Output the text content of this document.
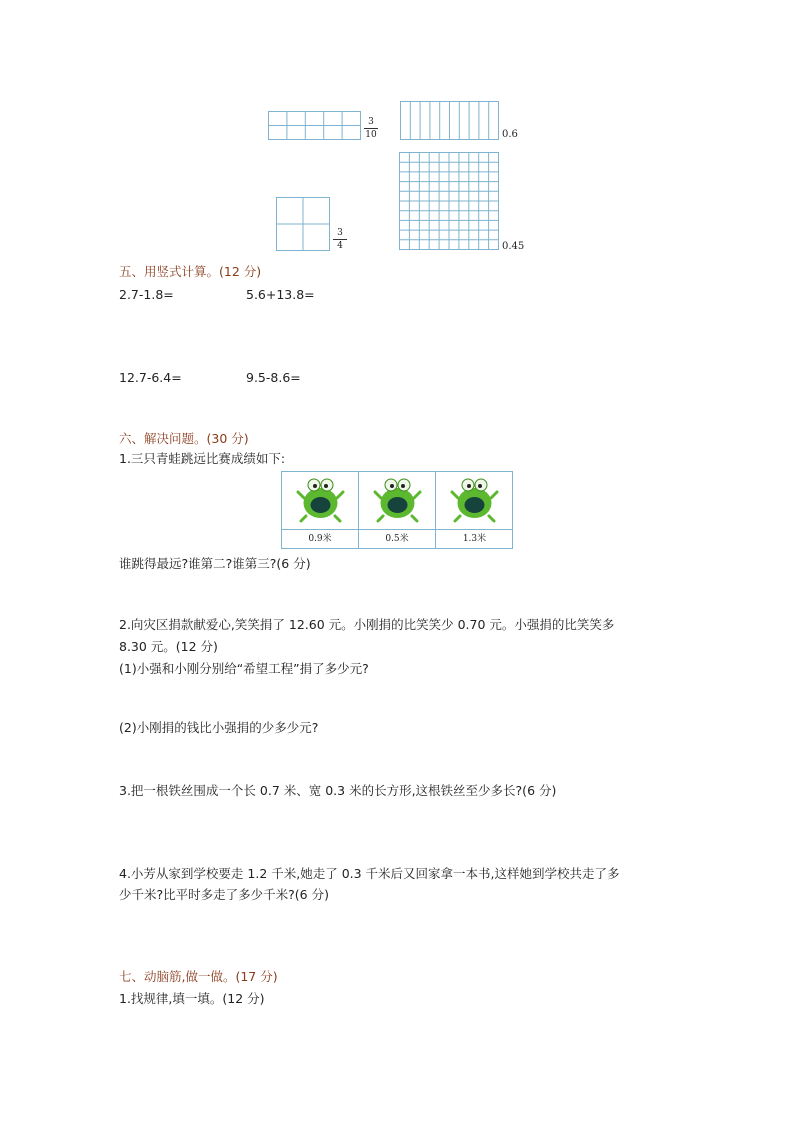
3
10	0.6
3
4	0.45
五、用竖式计算。(12 分)
2.7-1.8=	5.6+13.8=
12.7-6.4=	9.5-8.6=
六、解决问题。(30 分)
1.三只青蛙跳远比赛成绩如下:
0.9米	0.5米	1.3米
谁跳得最远?谁第二?谁第三?(6 分)
2.向灾区捐款献爱心,笑笑捐了 12.60 元。小刚捐的比笑笑少 0.70 元。小强捐的比笑笑多
8.30 元。(12 分)
(1)小强和小刚分别给“希望工程”捐了多少元?
(2)小刚捐的钱比小强捐的少多少元?
3.把一根铁丝围成一个长 0.7 米、宽 0.3 米的长方形,这根铁丝至少多长?(6 分)
4.小芳从家到学校要走 1.2 千米,她走了 0.3 千米后又回家拿一本书,这样她到学校共走了多
少千米?比平时多走了多少千米?(6 分)
七、动脑筋,做一做。(17 分)
1.找规律,填一填。(12 分)
